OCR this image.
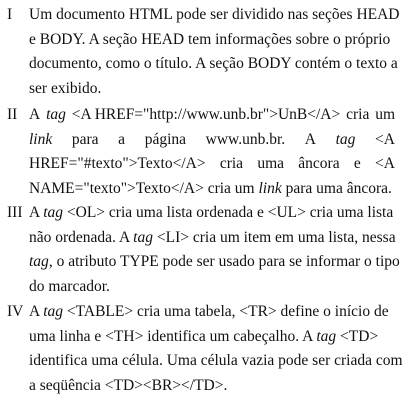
I Um documento HTML pode ser dividido nas seções HEAD
e BODY. A seção HEAD tem informações sobre o próprio
documento, como o título. A seção BODY contém o texto a
ser exibido.
II A tag <A HREF="http://www.unb.br">UnB</A> cria um
link para a página www.unb.br. A tag <A
HREF="#texto">Texto</A> cria uma âncora e <A
NAME="texto">Texto</A> cria um link para uma âncora.
III A tag <OL> cria uma lista ordenada e <UL> cria uma lista
não ordenada. A tag <LI> cria um item em uma lista, nessa
tag, o atributo TYPE pode ser usado para se informar o tipo
do marcador.
IV A tag <TABLE> cria uma tabela, <TR> define o início de
uma linha e <TH> identifica um cabeçalho. A tag <TD>
identifica uma célula. Uma célula vazia pode ser criada com
a seqüência <TD><BR></TD>.
